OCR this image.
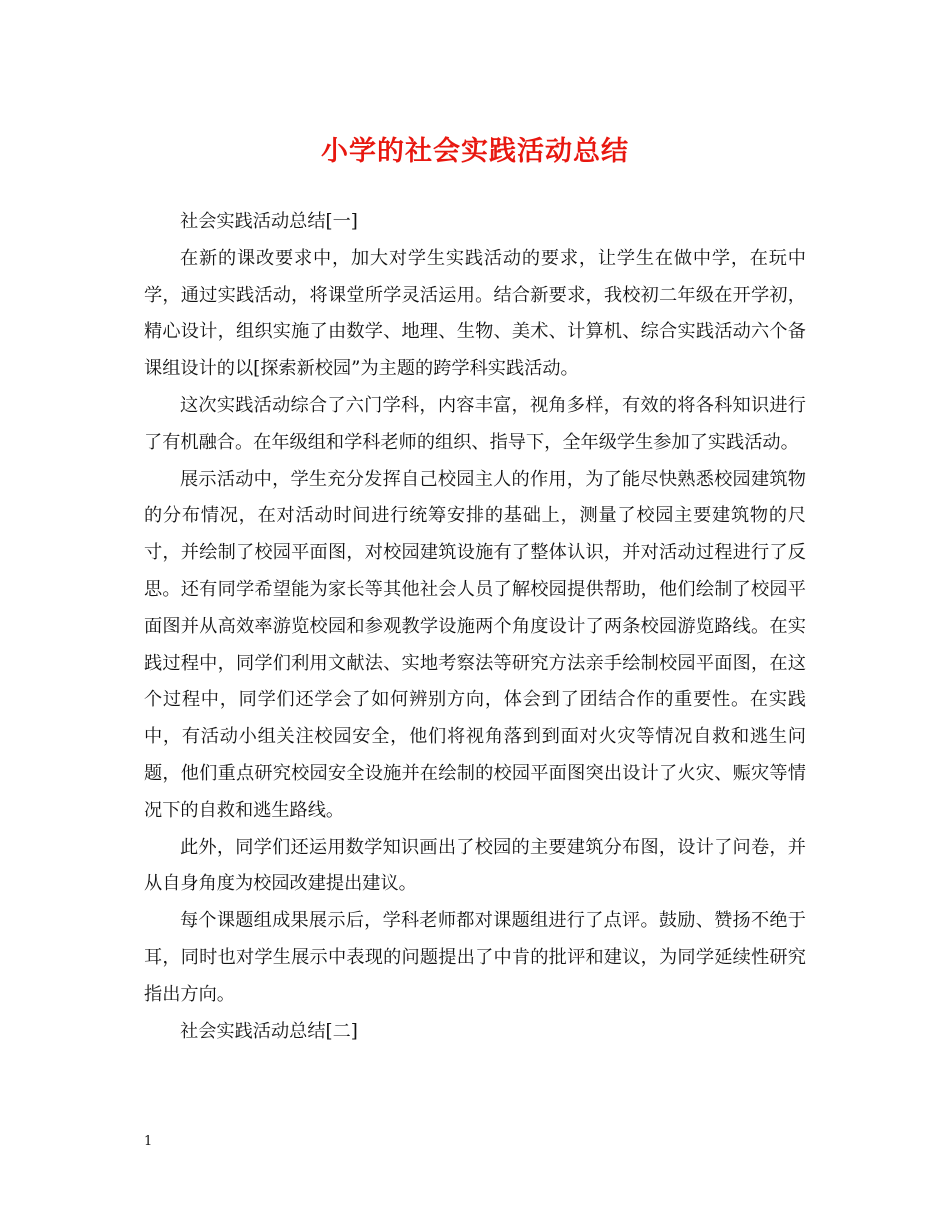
小学的社会实践活动总结

社会实践活动总结[一]

在新的课改要求中，加大对学生实践活动的要求，让学生在做中学，在玩中学，通过实践活动，将课堂所学灵活运用。结合新要求，我校初二年级在开学初，精心设计，组织实施了由数学、地理、生物、美术、计算机、综合实践活动六个备课组设计的以[探索新校园”为主题的跨学科实践活动。

这次实践活动综合了六门学科，内容丰富，视角多样，有效的将各科知识进行了有机融合。在年级组和学科老师的组织、指导下，全年级学生参加了实践活动。

展示活动中，学生充分发挥自己校园主人的作用，为了能尽快熟悉校园建筑物的分布情况，在对活动时间进行统筹安排的基础上，测量了校园主要建筑物的尺寸，并绘制了校园平面图，对校园建筑设施有了整体认识，并对活动过程进行了反思。还有同学希望能为家长等其他社会人员了解校园提供帮助，他们绘制了校园平面图并从高效率游览校园和参观教学设施两个角度设计了两条校园游览路线。在实践过程中，同学们利用文献法、实地考察法等研究方法亲手绘制校园平面图，在这个过程中，同学们还学会了如何辨别方向，体会到了团结合作的重要性。在实践中，有活动小组关注校园安全，他们将视角落到到面对火灾等情况自救和逃生问题，他们重点研究校园安全设施并在绘制的校园平面图突出设计了火灾、赈灾等情况下的自救和逃生路线。

此外，同学们还运用数学知识画出了校园的主要建筑分布图，设计了问卷，并从自身角度为校园改建提出建议。

每个课题组成果展示后，学科老师都对课题组进行了点评。鼓励、赞扬不绝于耳，同时也对学生展示中表现的问题提出了中肯的批评和建议，为同学延续性研究指出方向。

社会实践活动总结[二]

1
